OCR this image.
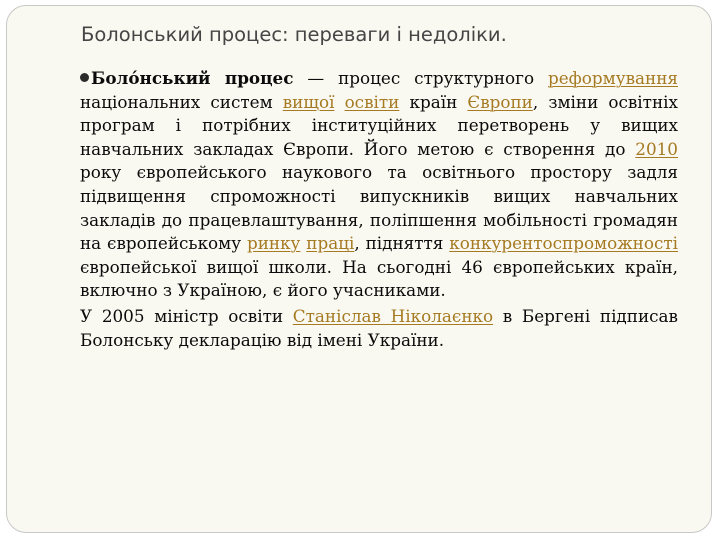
Болонський процес: переваги і недоліки.

Боло́нський процес — процес структурного реформування національних систем вищої освіти країн Європи, зміни освітніх програм і потрібних інституційних перетворень у вищих навчальних закладах Європи. Його метою є створення до 2010 року європейського наукового та освітнього простору задля підвищення спроможності випускників вищих навчальних закладів до працевлаштування, поліпшення мобільності громадян на європейському ринку праці, підняття конкурентоспроможності європейської вищої школи. На сьогодні 46 європейських країн, включно з Україною, є його учасниками.

У 2005 міністр освіти Станіслав Ніколаєнко в Бергені підписав Болонську декларацію від імені України.
